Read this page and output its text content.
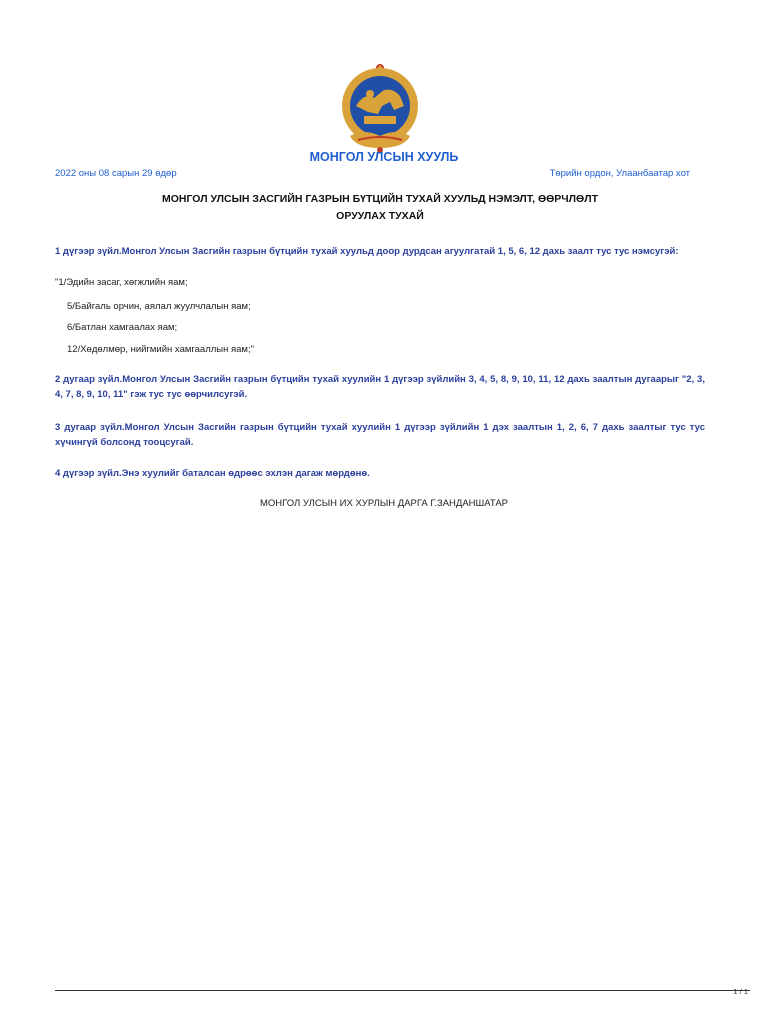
МОНГОЛ УЛСЫН ХУУЛЬ
2022 оны 08 сарын 29 өдөр	Төрийн ордон, Улаанбаатар хот
МОНГОЛ УЛСЫН ЗАСГИЙН ГАЗРЫН БҮТЦИЙН ТУХАЙ ХУУЛЬД НЭМЭЛТ, ӨӨРЧЛӨЛТ
ОРУУЛАХ ТУХАЙ
1 дүгээр зүйл.Монгол Улсын Засгийн газрын бүтцийн тухай хуульд доор дурдсан агуулгатай 1, 5, 6, 12 дахь заалт тус тус нэмсугэй:
"1/Эдийн засаг, хөгжлийн яам;
5/Байгаль орчин, аялал жуулчлалын яам;
6/Батлан хамгаалах яам;
12/Хөдөлмөр, нийгмийн хамгааллын яам;"
2 дугаар зүйл.Монгол Улсын Засгийн газрын бүтцийн тухай хуулийн 1 дүгээр зүйлийн 3, 4, 5, 8, 9, 10, 11, 12 дахь заалтын дугаарыг "2, 3, 4, 7, 8, 9, 10, 11" гэж тус тус өөрчилсугэй.
3 дугаар зүйл.Монгол Улсын Засгийн газрын бүтцийн тухай хуулийн 1 дүгээр зүйлийн 1 дэх заалтын 1, 2, 6, 7 дахь заалтыг тус тус хүчингүй болсонд тооцсугай.
4 дүгээр зүйл.Энэ хуулийг баталсан өдрөөс эхлэн дагаж мөрдөнө.
МОНГОЛ УЛСЫН ИХ ХУРЛЫН ДАРГА Г.ЗАНДАНШАТАР
1 / 1
